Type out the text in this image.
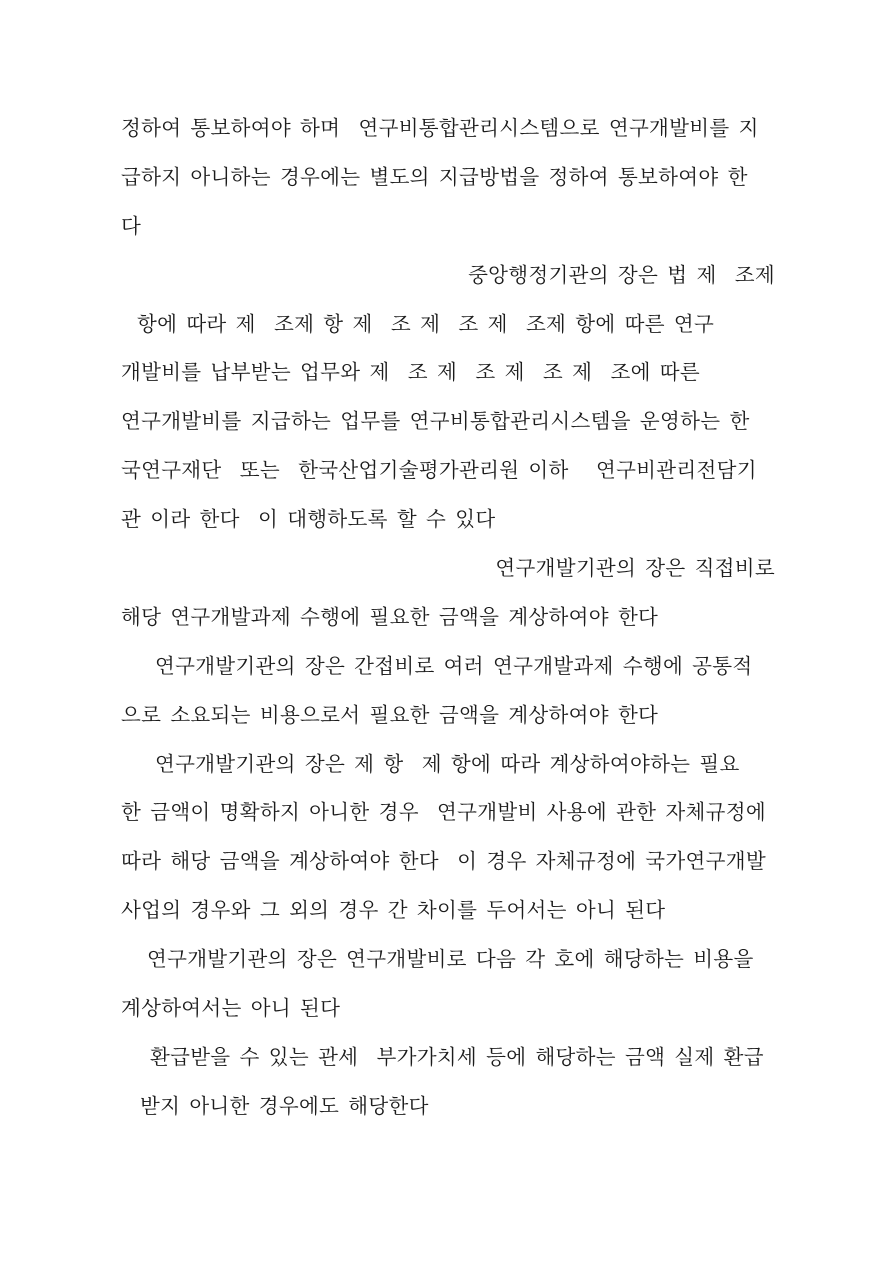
정하여 통보하여야 하며  연구비통합관리시스템으로 연구개발비를 지
급하지 아니하는 경우에는 별도의 지급방법을 정하여 통보하여야 한
다
중앙행정기관의 장은 법 제  조제
항에 따라 제  조제 항 제  조 제  조 제  조제 항에 따른 연구
개발비를 납부받는 업무와 제  조 제  조 제  조 제  조에 따른
연구개발비를 지급하는 업무를 연구비통합관리시스템을 운영하는 한
국연구재단  또는  한국산업기술평가관리원 이하   연구비관리전담기
관 이라 한다  이 대행하도록 할 수 있다
연구개발기관의 장은 직접비로
해당 연구개발과제 수행에 필요한 금액을 계상하여야 한다
연구개발기관의 장은 간접비로 여러 연구개발과제 수행에 공통적
으로 소요되는 비용으로서 필요한 금액을 계상하여야 한다
연구개발기관의 장은 제 항  제 항에 따라 계상하여야하는 필요
한 금액이 명확하지 아니한 경우  연구개발비 사용에 관한 자체규정에
따라 해당 금액을 계상하여야 한다  이 경우 자체규정에 국가연구개발
사업의 경우와 그 외의 경우 간 차이를 두어서는 아니 된다
연구개발기관의 장은 연구개발비로 다음 각 호에 해당하는 비용을
계상하여서는 아니 된다
환급받을 수 있는 관세  부가가치세 등에 해당하는 금액 실제 환급
받지 아니한 경우에도 해당한다
